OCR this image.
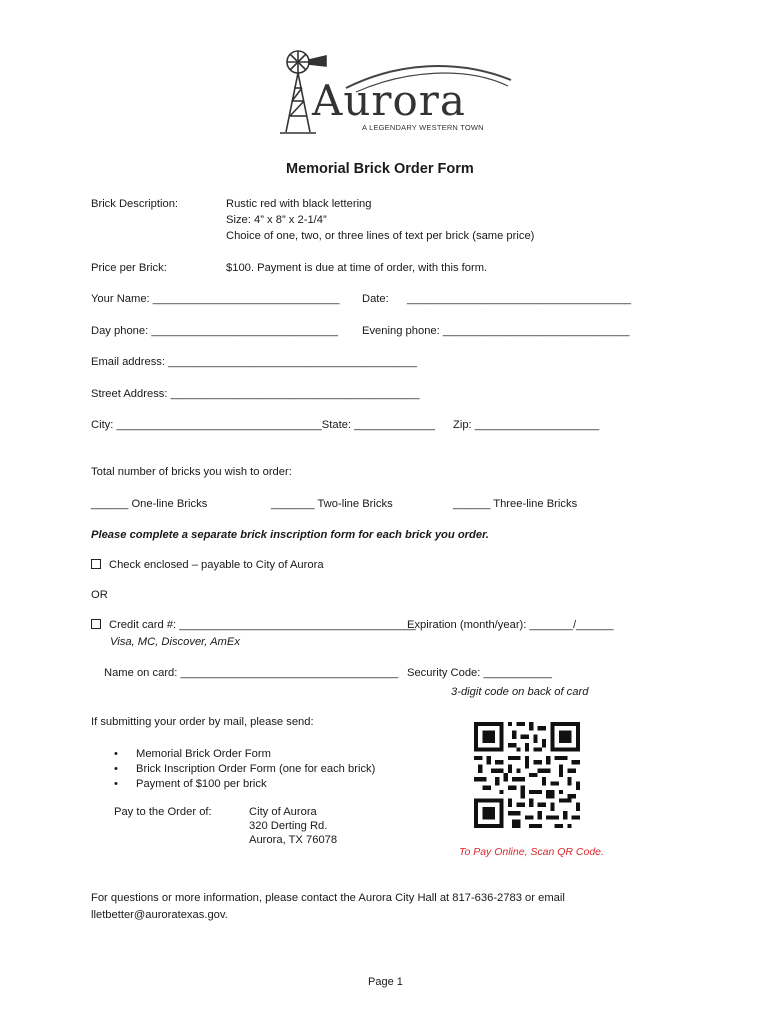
Aurora
A LEGENDARY WESTERN TOWN
Memorial Brick Order Form
Brick Description:	Rustic red with black lettering
Size: 4” x 8” x 2-1/4”
Choice of one, two, or three lines of text per brick (same price)
Price per Brick:	$100. Payment is due at time of order, with this form.
Your Name: ______________________________ Date: ____________________________________
Day phone: ______________________________ Evening phone: ______________________________
Email address: ________________________________________
Street Address: ________________________________________
City: _________________________________State: _____________ Zip: ____________________
Total number of bricks you wish to order:
______ One-line Bricks	_______ Two-line Bricks	______ Three-line Bricks
Please complete a separate brick inscription form for each brick you order.
Check enclosed – payable to City of Aurora
OR
Credit card #: ______________________________________
Expiration (month/year): _______/______
Visa, MC, Discover, AmEx
Name on card: ___________________________________ Security Code: ___________
3-digit code on back of card
If submitting your order by mail, please send:
• Memorial Brick Order Form
• Brick Inscription Order Form (one for each brick)
• Payment of $100 per brick
Pay to the Order of:	City of Aurora
320 Derting Rd.
Aurora, TX 76078
To Pay Online, Scan QR Code.
For questions or more information, please contact the Aurora City Hall at 817-636-2783 or email
lletbetter@auroratexas.gov.
Page 1
